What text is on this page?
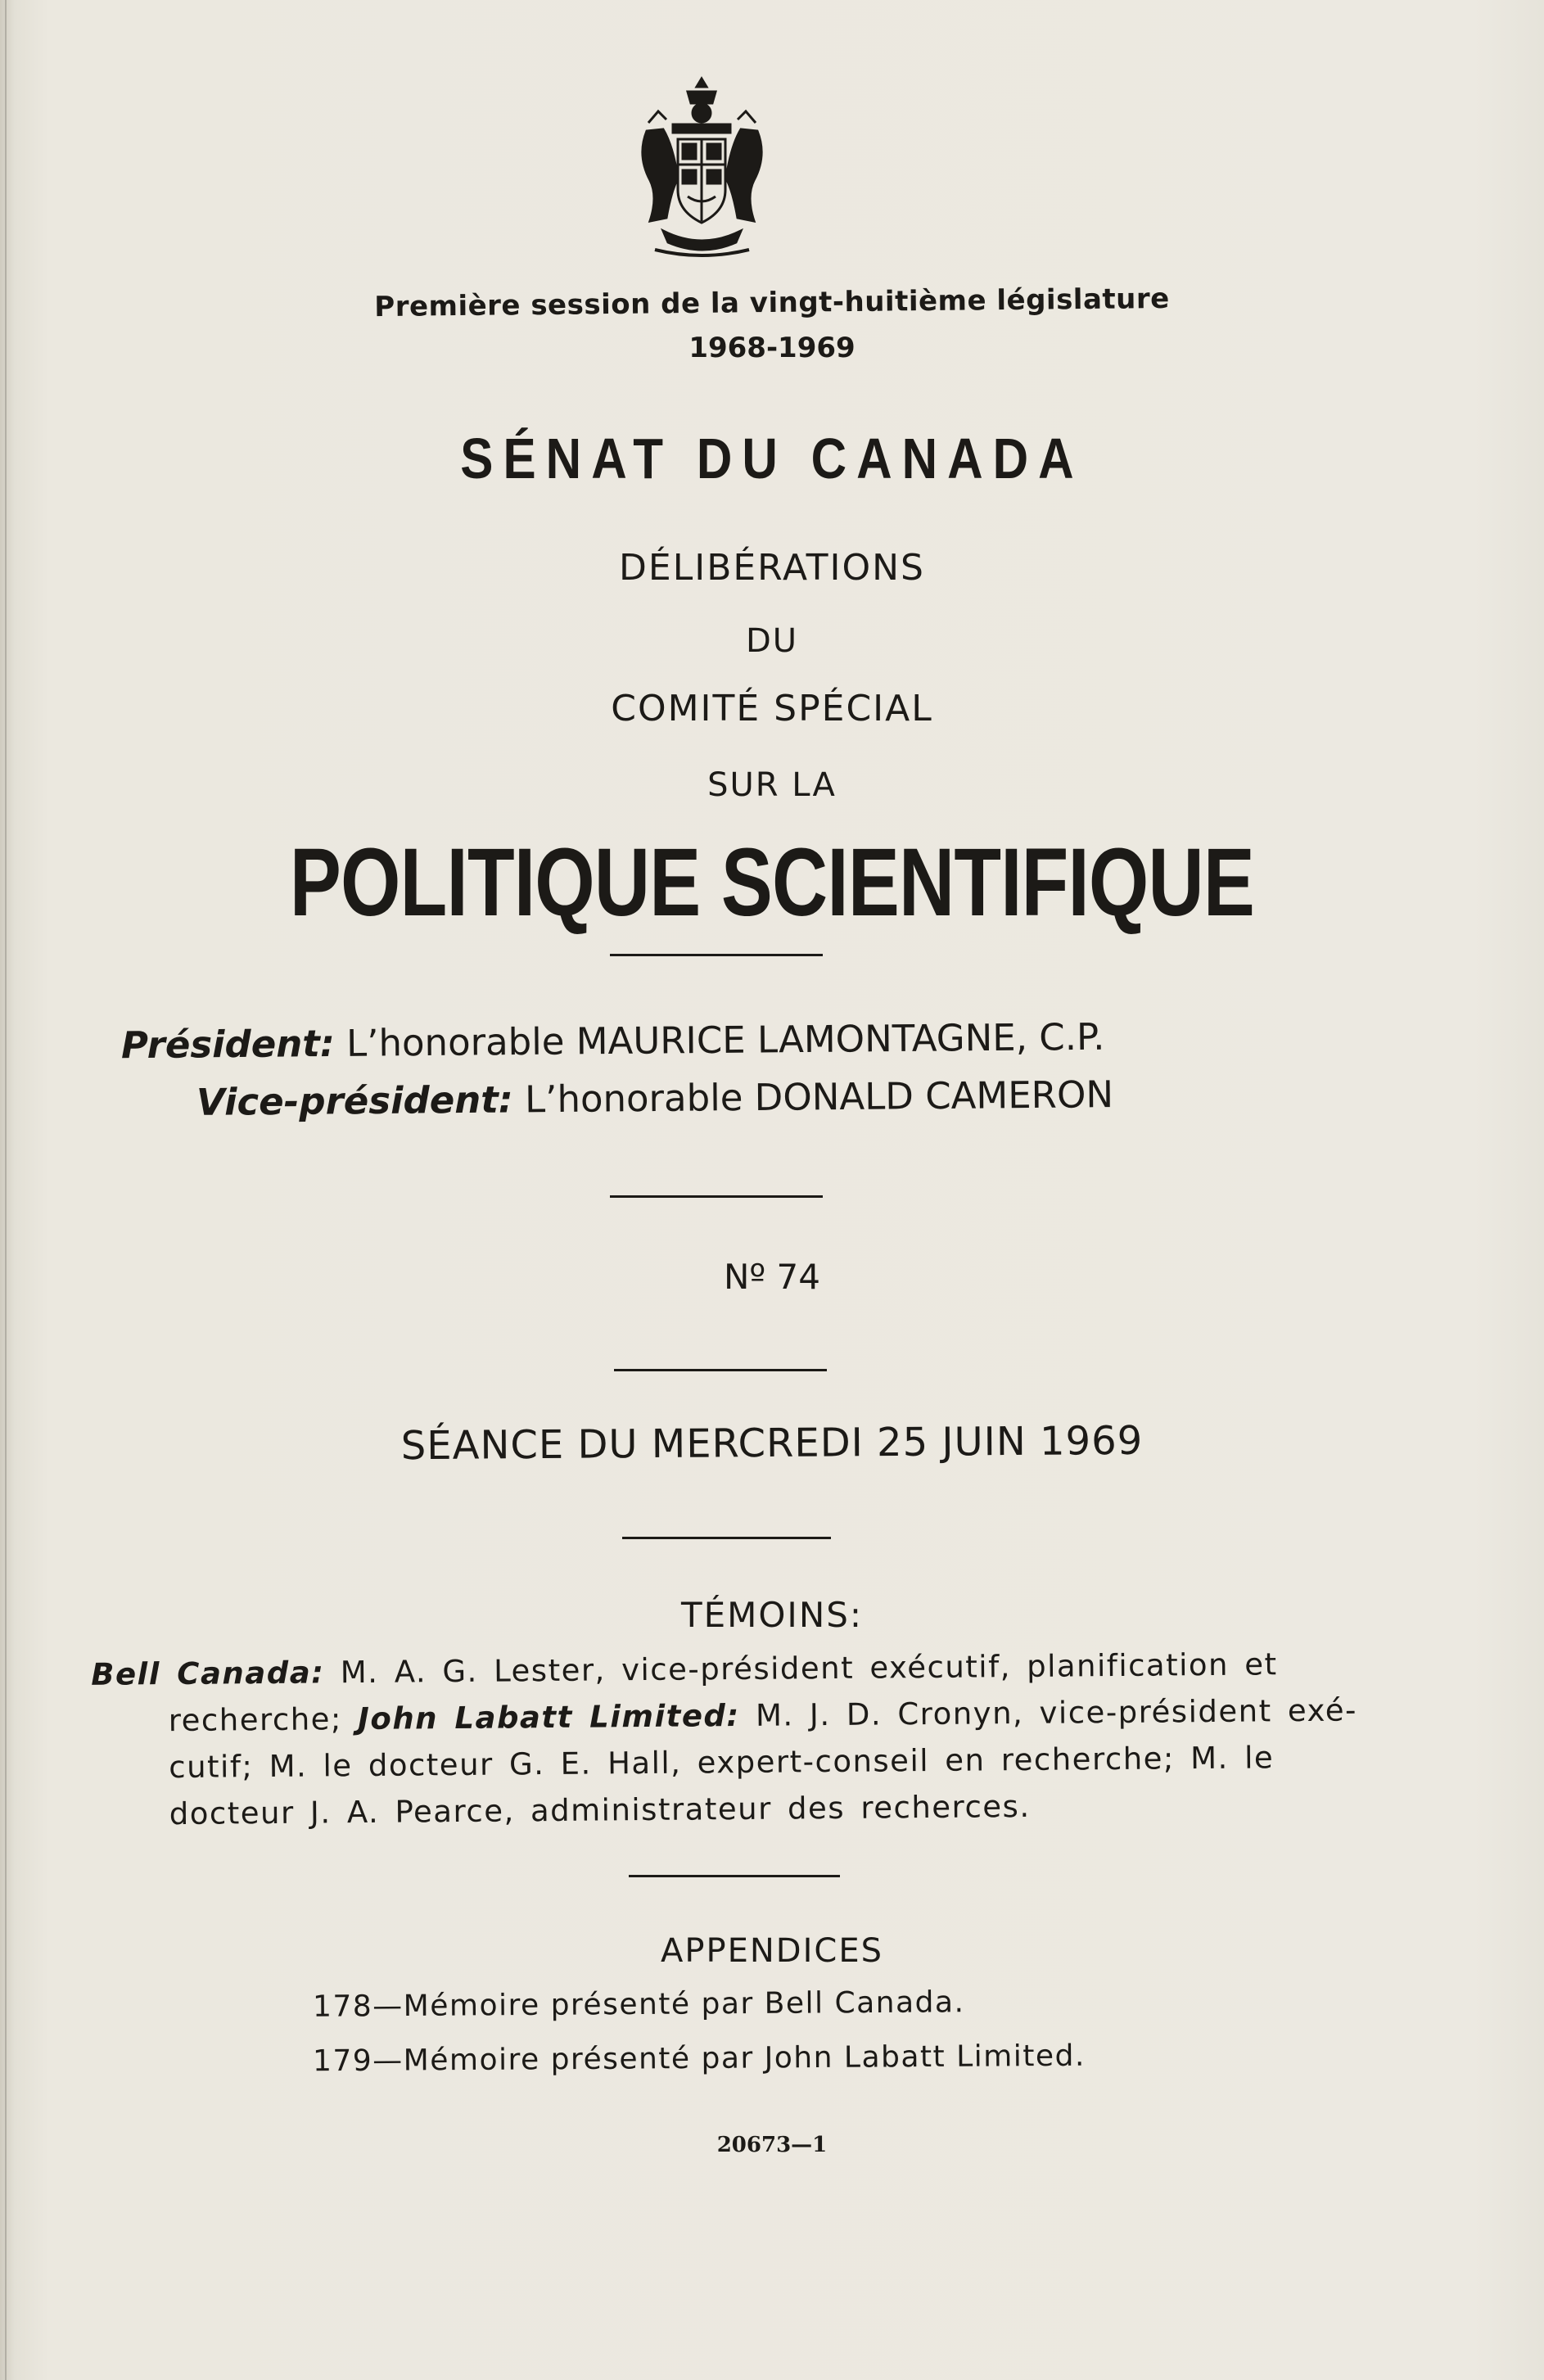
Première session de la vingt-huitième législature
1968-1969
SÉNAT DU CANADA
DÉLIBÉRATIONS
DU
COMITÉ SPÉCIAL
SUR LA
POLITIQUE SCIENTIFIQUE
Président: L’honorable MAURICE LAMONTAGNE, C.P.
Vice-président: L’honorable DONALD CAMERON
Nº 74
SÉANCE DU MERCREDI 25 JUIN 1969
TÉMOINS:
Bell Canada: M. A. G. Lester, vice-président exécutif, planification et
recherche; John Labatt Limited: M. J. D. Cronyn, vice-président exé-
cutif; M. le docteur G. E. Hall, expert-conseil en recherche; M. le
docteur J. A. Pearce, administrateur des recherces.
APPENDICES
178—Mémoire présenté par Bell Canada.
179—Mémoire présenté par John Labatt Limited.
20673—1
